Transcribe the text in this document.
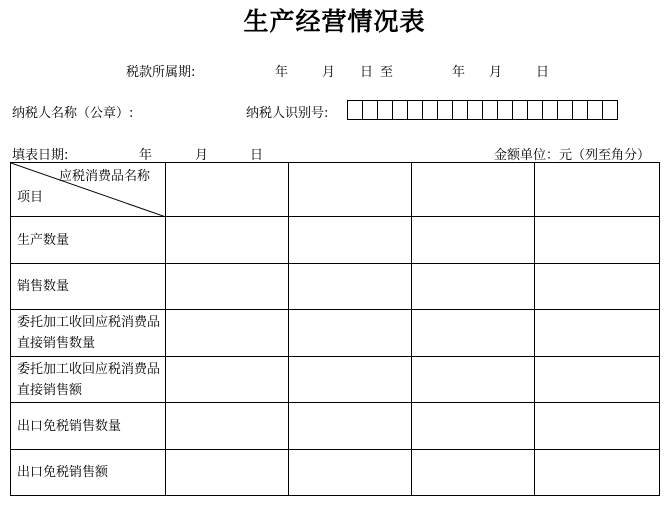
生产经营情况表
税款所属期:	年	月 日 至	年 月	日
纳税人名称（公章）:	纳税人识别号:
填表日期:	年	月	日	金额单位：元（列至角分）
应税消费品名称
项目				

生产数量				
销售数量				
委托加工收回应税消费品直接销售数量				
委托加工收回应税消费品直接销售额				
出口免税销售数量				
出口免税销售额				
